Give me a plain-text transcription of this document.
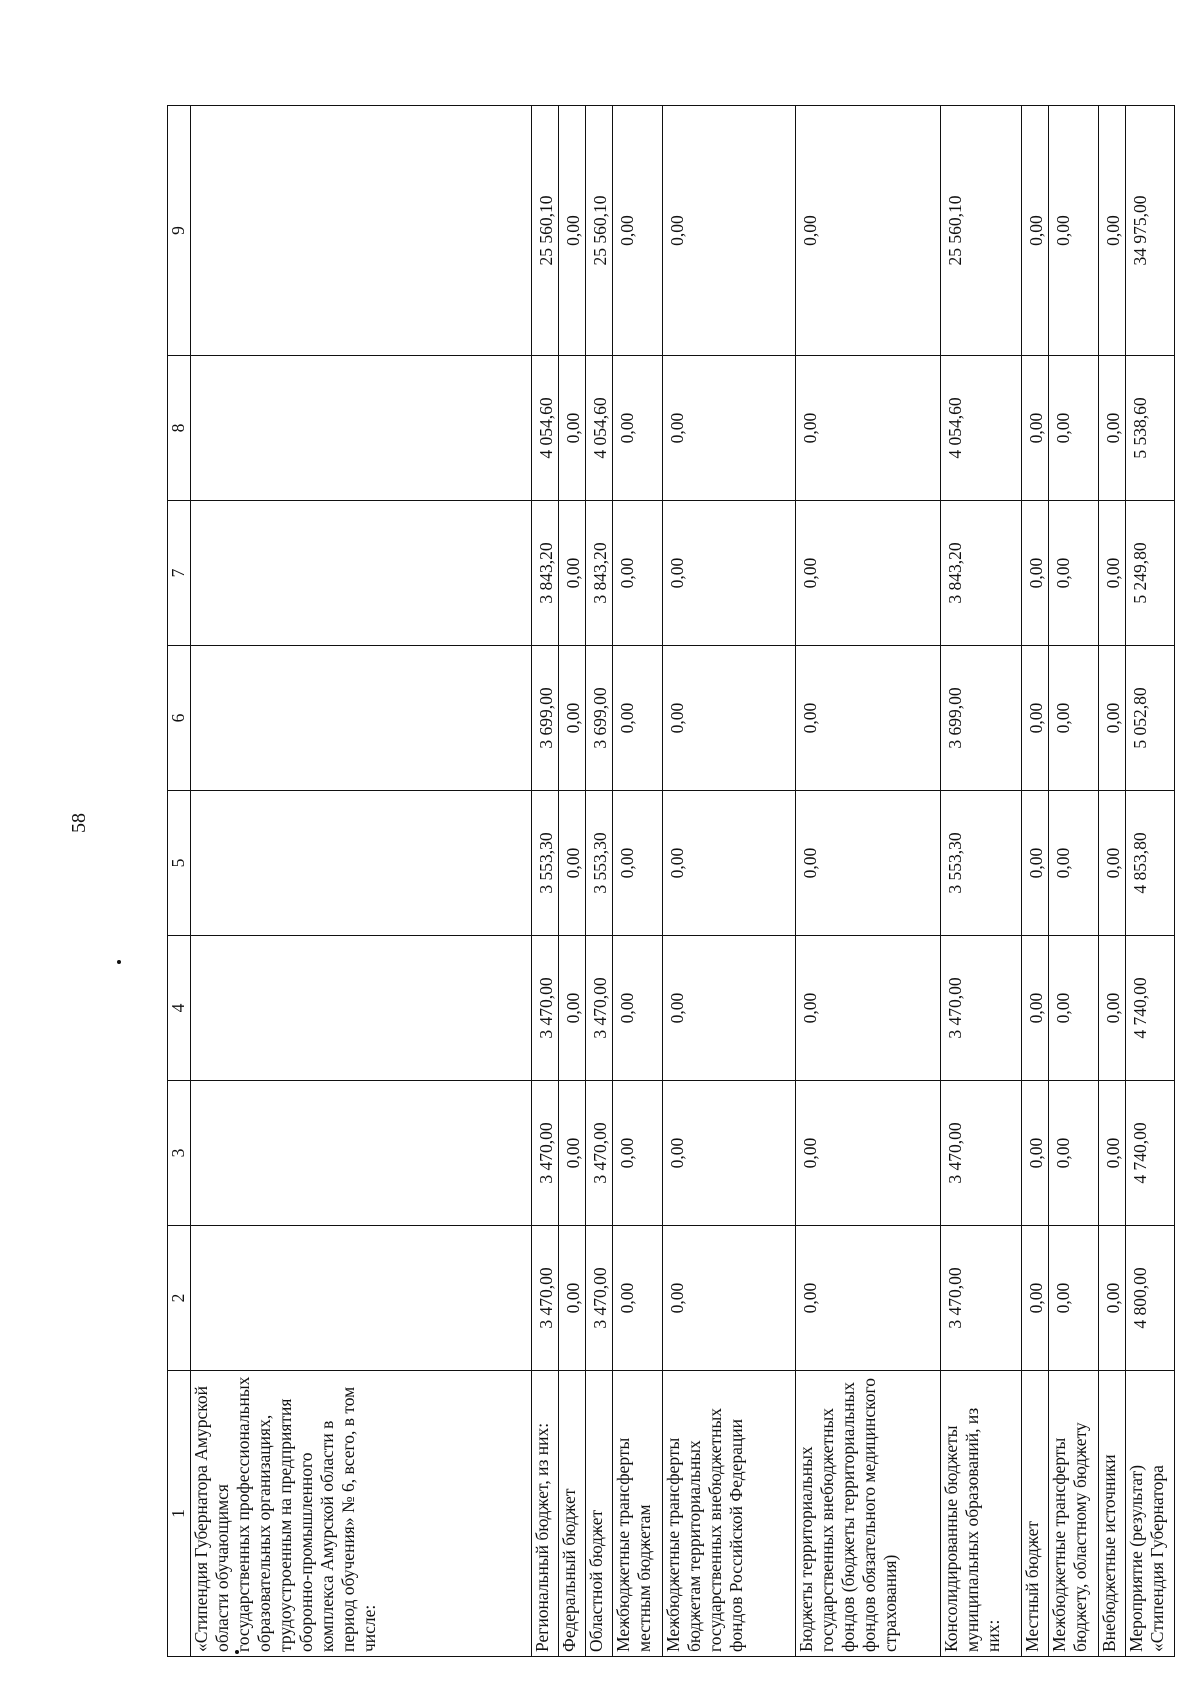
58
1	2	3	4	5	6	7	8	9
«Стипендия Губернатора Амурской области обучающимся государственных профессиональных образовательных организациях, трудоустроенным на предприятия оборонно-промышленного комплекса Амурской области в период обучения» № 6, всего, в том числе:								
Региональный бюджет, из них:	3 470,00	3 470,00	3 470,00	3 553,30	3 699,00	3 843,20	4 054,60	25 560,10
Федеральный бюджет	0,00	0,00	0,00	0,00	0,00	0,00	0,00	0,00
Областной бюджет	3 470,00	3 470,00	3 470,00	3 553,30	3 699,00	3 843,20	4 054,60	25 560,10
Межбюджетные трансферты местным бюджетам	0,00	0,00	0,00	0,00	0,00	0,00	0,00	0,00
Межбюджетные трансферты бюджетам территориальных государственных внебюджетных фондов Российской Федерации	0,00	0,00	0,00	0,00	0,00	0,00	0,00	0,00
Бюджеты территориальных государственных внебюджетных фондов (бюджеты территориальных фондов обязательного медицинского страхования)	0,00	0,00	0,00	0,00	0,00	0,00	0,00	0,00
Консолидированные бюджеты муниципальных образований, из них:	3 470,00	3 470,00	3 470,00	3 553,30	3 699,00	3 843,20	4 054,60	25 560,10
Местный бюджет	0,00	0,00	0,00	0,00	0,00	0,00	0,00	0,00
Межбюджетные трансферты бюджету, областному бюджету	0,00	0,00	0,00	0,00	0,00	0,00	0,00	0,00
Внебюджетные источники	0,00	0,00	0,00	0,00	0,00	0,00	0,00	0,00
Мероприятие (результат) «Стипендия Губернатора	4 800,00	4 740,00	4 740,00	4 853,80	5 052,80	5 249,80	5 538,60	34 975,00
